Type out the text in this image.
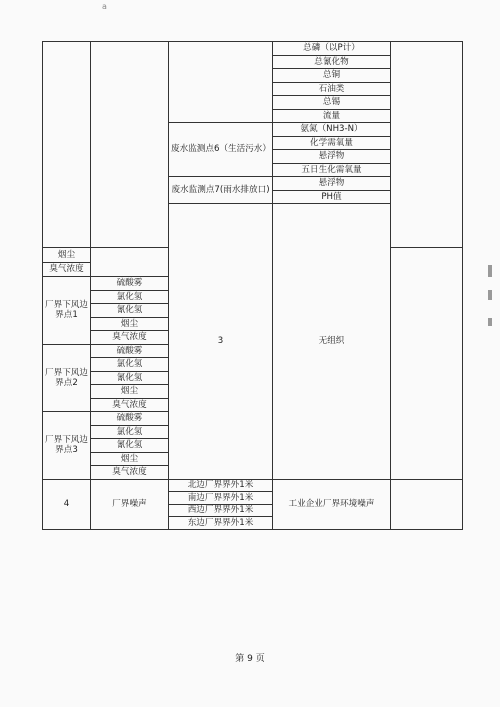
a
			总磷（以P计）		
			总氰化物		
			总铜		
			石油类		
			总锡		
			流量		
		废水监测点6（生活污水）	氨氮（NH3-N）		
			化学需氧量		
			悬浮物		
			五日生化需氧量		
		废水监测点7(雨水排放口)	悬浮物		
			PH值		
		3	无组织			

烟尘					
臭气浓度					
厂界下风边界点1	硫酸雾				
	氯化氢				
	氰化氢				
	烟尘				
	臭气浓度				
厂界下风边界点2	硫酸雾				
	氯化氢				
	氰化氢				
	烟尘				
	臭气浓度				
厂界下风边界点3	硫酸雾				
	氯化氢				
	氰化氢				
	烟尘				
	臭气浓度				
4	厂界噪声	北边厂界界外1米	工业企业厂界环境噪声		
		南边厂界界外1米			
		西边厂界界外1米			
		东边厂界界外1米			
第 9 页
